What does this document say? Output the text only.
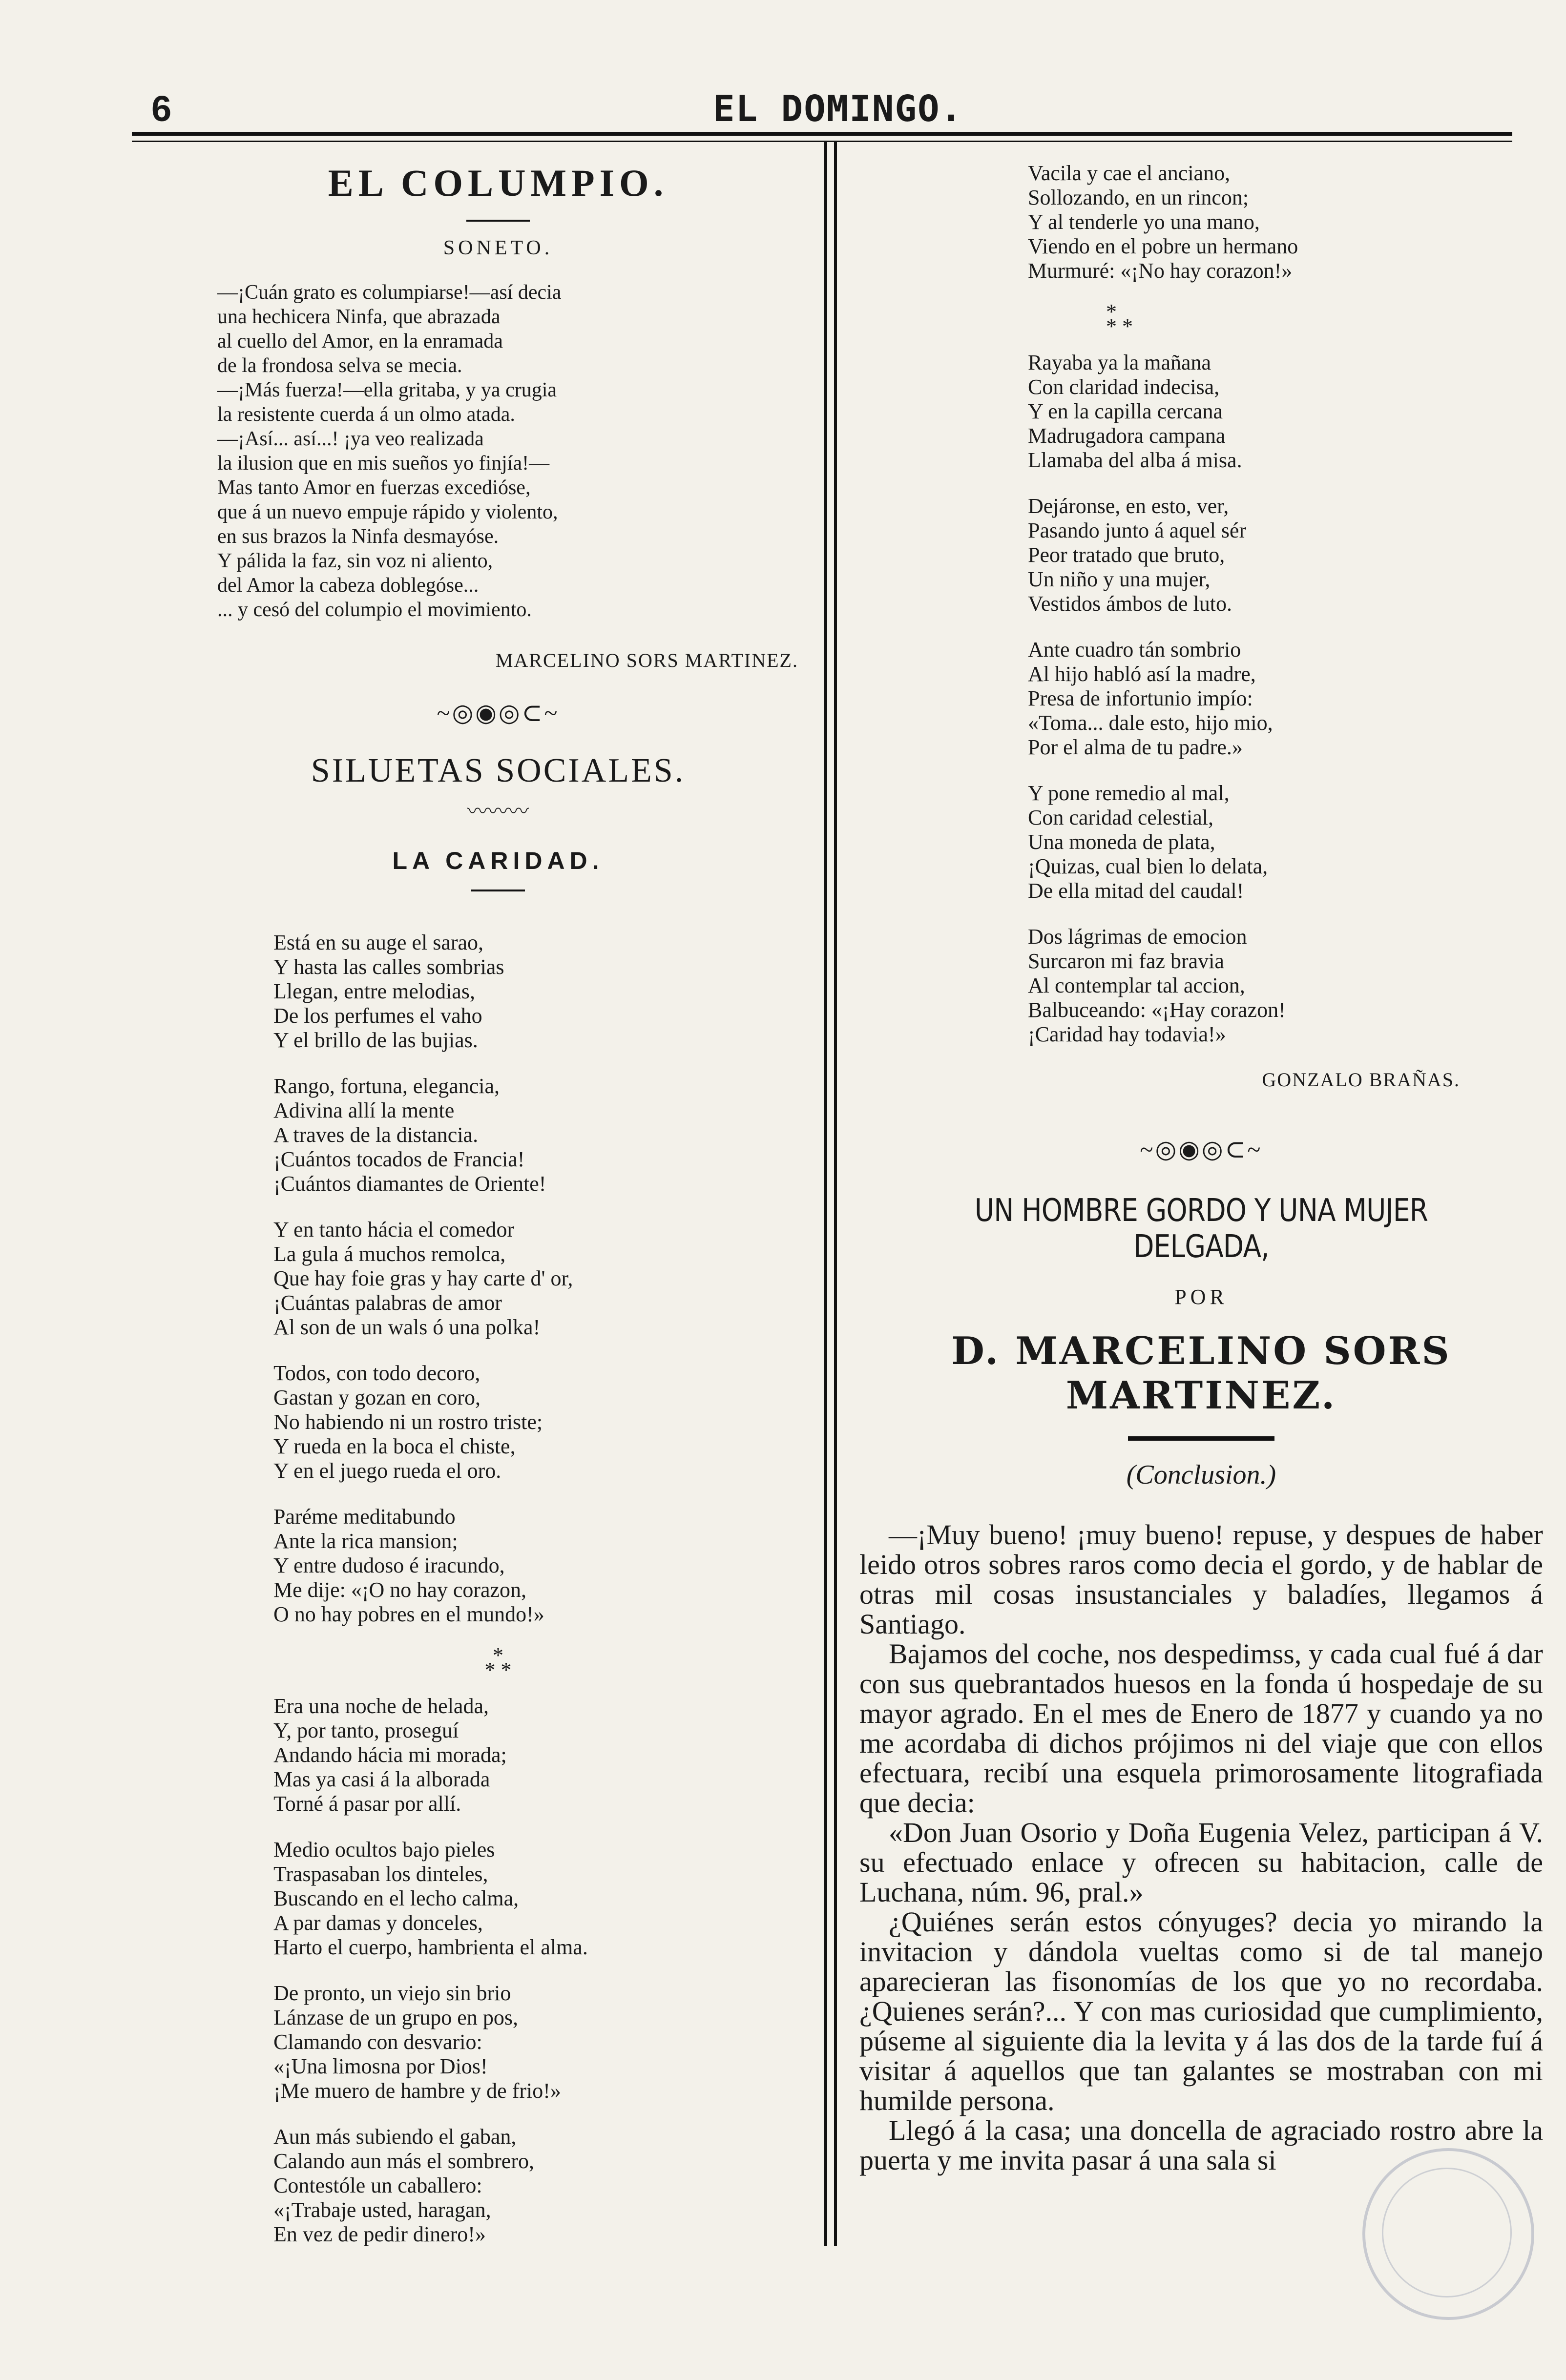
6	EL DOMINGO.
EL COLUMPIO.
SONETO.
—¡Cuán grato es columpiarse!—así decia
una hechicera Ninfa, que abrazada
al cuello del Amor, en la enramada
de la frondosa selva se mecia.
—¡Más fuerza!—ella gritaba, y ya crugia
la resistente cuerda á un olmo atada.
—¡Así... así...! ¡ya veo realizada
la ilusion que en mis sueños yo finjía!—
Mas tanto Amor en fuerzas excedióse,
que á un nuevo empuje rápido y violento,
en sus brazos la Ninfa desmayóse.
Y pálida la faz, sin voz ni aliento,
del Amor la cabeza doblegóse...
... y cesó del columpio el movimiento.
MARCELINO SORS MARTINEZ.
~◎◉◎⊂~
SILUETAS SOCIALES.
〰〰〰
LA CARIDAD.
Está en su auge el sarao,
Y hasta las calles sombrias
Llegan, entre melodias,
De los perfumes el vaho
Y el brillo de las bujias.
Rango, fortuna, elegancia,
Adivina allí la mente
A traves de la distancia.
¡Cuántos tocados de Francia!
¡Cuántos diamantes de Oriente!
Y en tanto hácia el comedor
La gula á muchos remolca,
Que hay foie gras y hay carte d' or,
¡Cuántas palabras de amor
Al son de un wals ó una polka!
Todos, con todo decoro,
Gastan y gozan en coro,
No habiendo ni un rostro triste;
Y rueda en la boca el chiste,
Y en el juego rueda el oro.
Paréme meditabundo
Ante la rica mansion;
Y entre dudoso é iracundo,
Me dije: «¡O no hay corazon,
O no hay pobres en el mundo!»
*
* *
Era una noche de helada,
Y, por tanto, proseguí
Andando hácia mi morada;
Mas ya casi á la alborada
Torné á pasar por allí.
Medio ocultos bajo pieles
Traspasaban los dinteles,
Buscando en el lecho calma,
A par damas y donceles,
Harto el cuerpo, hambrienta el alma.
De pronto, un viejo sin brio
Lánzase de un grupo en pos,
Clamando con desvario:
«¡Una limosna por Dios!
¡Me muero de hambre y de frio!»
Aun más subiendo el gaban,
Calando aun más el sombrero,
Contestóle un caballero:
«¡Trabaje usted, haragan,
En vez de pedir dinero!»
Vacila y cae el anciano,
Sollozando, en un rincon;
Y al tenderle yo una mano,
Viendo en el pobre un hermano
Murmuré: «¡No hay corazon!»
*
* *
Rayaba ya la mañana
Con claridad indecisa,
Y en la capilla cercana
Madrugadora campana
Llamaba del alba á misa.
Dejáronse, en esto, ver,
Pasando junto á aquel sér
Peor tratado que bruto,
Un niño y una mujer,
Vestidos ámbos de luto.
Ante cuadro tán sombrio
Al hijo habló así la madre,
Presa de infortunio impío:
«Toma... dale esto, hijo mio,
Por el alma de tu padre.»
Y pone remedio al mal,
Con caridad celestial,
Una moneda de plata,
¡Quizas, cual bien lo delata,
De ella mitad del caudal!
Dos lágrimas de emocion
Surcaron mi faz bravia
Al contemplar tal accion,
Balbuceando: «¡Hay corazon!
¡Caridad hay todavia!»
GONZALO BRAÑAS.
~◎◉◎⊂~
UN HOMBRE GORDO Y UNA MUJER DELGADA,
POR
D. MARCELINO SORS MARTINEZ.
(Conclusion.)

—¡Muy bueno! ¡muy bueno! repuse, y despues de haber leido otros sobres raros como decia el gordo, y de hablar de otras mil cosas insustanciales y baladíes, llegamos á Santiago.

Bajamos del coche, nos despedimss, y cada cual fué á dar con sus quebrantados huesos en la fonda ú hospedaje de su mayor agrado. En el mes de Enero de 1877 y cuando ya no me acordaba di dichos prójimos ni del viaje que con ellos efectuara, recibí una esquela primorosamente litografiada que decia:

«Don Juan Osorio y Doña Eugenia Velez, participan á V. su efectuado enlace y ofrecen su habitacion, calle de Luchana, núm. 96, pral.»

¿Quiénes serán estos cónyuges? decia yo mirando la invitacion y dándola vueltas como si de tal manejo aparecieran las fisonomías de los que yo no recordaba. ¿Quienes serán?... Y con mas curiosidad que cumplimiento, púseme al siguiente dia la levita y á las dos de la tarde fuí á visitar á aquellos que tan galantes se mostraban con mi humilde persona.

Llegó á la casa; una doncella de agraciado rostro abre la puerta y me invita pasar á una sala si
